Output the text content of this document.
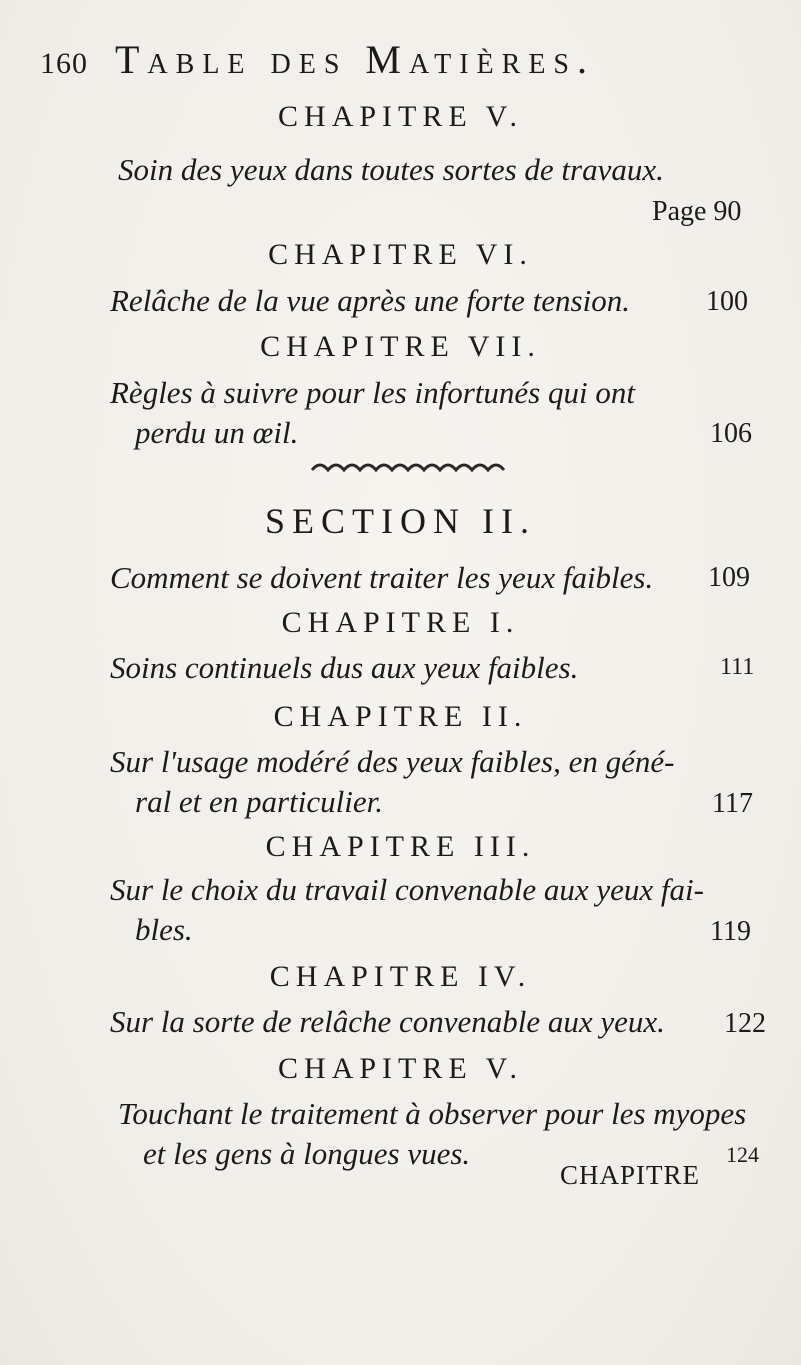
160 Table des Matières.
CHAPITRE V.
Soin des yeux dans toutes sortes de travaux.
Page 90
CHAPITRE VI.
Relâche de la vue après une forte tension.	100
CHAPITRE VII.
Règles à suivre pour les infortunés qui ont
perdu un œil.	106
SECTION II.
Comment se doivent traiter les yeux faibles.	109
CHAPITRE I.
Soins continuels dus aux yeux faibles.	111
CHAPITRE II.
Sur l'usage modéré des yeux faibles, en géné-
ral et en particulier.	117
CHAPITRE III.
Sur le choix du travail convenable aux yeux fai-
bles.	119
CHAPITRE IV.
Sur la sorte de relâche convenable aux yeux.	122
CHAPITRE V.
Touchant le traitement à observer pour les myopes
et les gens à longues vues.	124
CHAPITRE
